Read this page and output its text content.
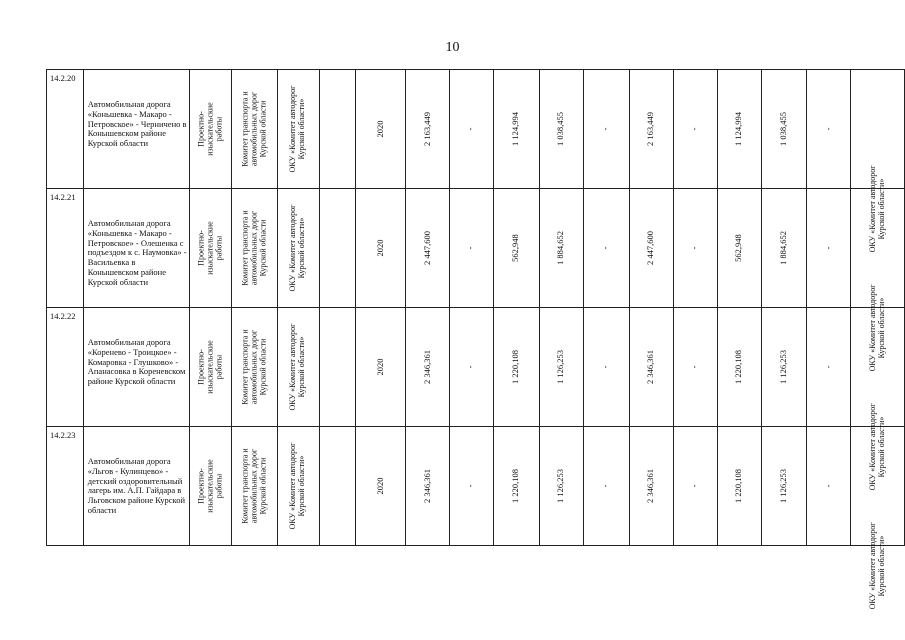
10
14.2.20	Автомобильная дорога «Коньшевка - Макаро - Петровское» - Черничено в Конышевском районе Курской области	Проектно-изыскательские работы	Комитет транспорта и автомобильных дорог Курской области	ОКУ «Комитет автодорог Курской области»		2020	2 163,449	-	1 124,994	1 038,455	-	2 163,449	-	1 124,994	1 038,455	-	ОКУ «Комитет автодорог Курской области»

14.2.21	Автомобильная дорога «Коньшевка - Макаро - Петровское» - Олешенка с подъездом к с. Наумовка» - Васильевка в Конышевском районе Курской области	Проектно-изыскательские работы	Комитет транспорта и автомобильных дорог Курской области	ОКУ «Комитет автодорог Курской области»		2020	2 447,600	-	562,948	1 884,652	-	2 447,600	-	562,948	1 884,652	-	ОКУ «Комитет автодорог Курской области»

14.2.22	Автомобильная дорога «Коренево - Троицкое» - Комаровка - Глушково» - Апанасовка в Кореневском районе Курской области	Проектно-изыскательские работы	Комитет транспорта и автомобильных дорог Курской области	ОКУ «Комитет автодорог Курской области»		2020	2 346,361	-	1 220,108	1 126,253	-	2 346,361	-	1 220,108	1 126,253	-	ОКУ «Комитет автодорог Курской области»

14.2.23	Автомобильная дорога «Льгов - Кулинцево» - детский оздоровительный лагерь им. А.П. Гайдара в Льговском районе Курской области	Проектно-изыскательские работы	Комитет транспорта и автомобильных дорог Курской области	ОКУ «Комитет автодорог Курской области»		2020	2 346,361	-	1 220,108	1 126,253	-	2 346,361	-	1 220,108	1 126,253	-	ОКУ «Комитет автодорог Курской области»
